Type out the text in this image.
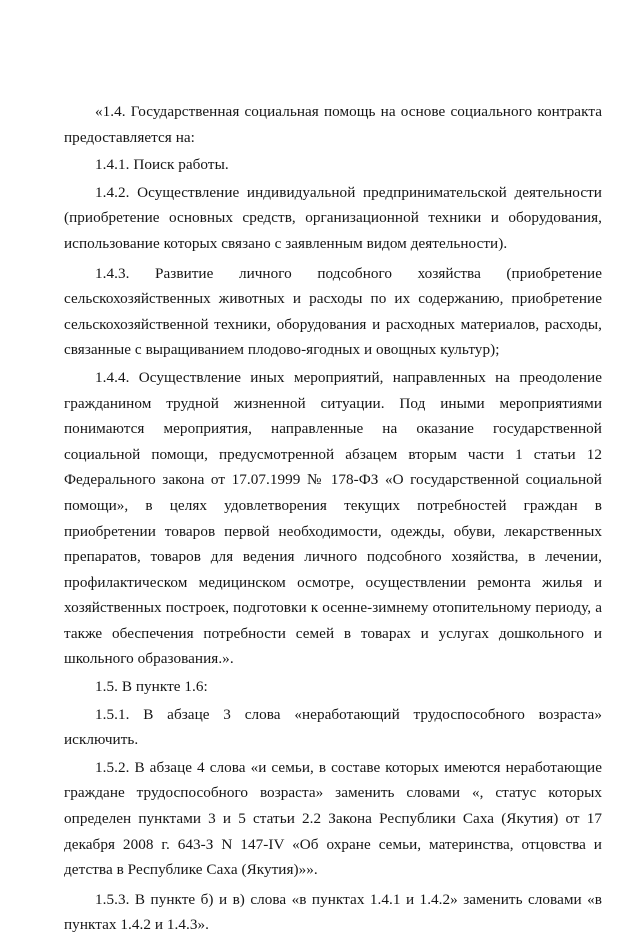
«1.4. Государственная социальная помощь на основе социального контракта предоставляется на:

1.4.1. Поиск работы.

1.4.2. Осуществление индивидуальной предпринимательской деятельности (приобретение основных средств, организационной техники и оборудования, использование которых связано с заявленным видом деятельности).

1.4.3. Развитие личного подсобного хозяйства (приобретение сельскохозяйственных животных и расходы по их содержанию, приобретение сельскохозяйственной техники, оборудования и расходных материалов, расходы, связанные с выращиванием плодово-ягодных и овощных культур);

1.4.4. Осуществление иных мероприятий, направленных на преодоление гражданином трудной жизненной ситуации. Под иными мероприятиями понимаются мероприятия, направленные на оказание государственной социальной помощи, предусмотренной абзацем вторым части 1 статьи 12 Федерального закона от 17.07.1999 № 178-ФЗ «О государственной социальной помощи», в целях удовлетворения текущих потребностей граждан в приобретении товаров первой необходимости, одежды, обуви, лекарственных препаратов, товаров для ведения личного подсобного хозяйства, в лечении, профилактическом медицинском осмотре, осуществлении ремонта жилья и хозяйственных построек, подготовки к осенне-зимнему отопительному периоду, а также обеспечения потребности семей в товарах и услугах дошкольного и школьного образования.».

1.5. В пункте 1.6:

1.5.1. В абзаце 3 слова «неработающий трудоспособного возраста» исключить.

1.5.2. В абзаце 4 слова «и семьи, в составе которых имеются неработающие граждане трудоспособного возраста» заменить словами «, статус которых определен пунктами 3 и 5 статьи 2.2 Закона Республики Саха (Якутия) от 17 декабря 2008 г. 643-З N 147-IV «Об охране семьи, материнства, отцовства и детства в Республике Саха (Якутия)»».

1.5.3. В пункте б) и в) слова «в пунктах 1.4.1 и 1.4.2» заменить словами «в пунктах 1.4.2 и 1.4.3».
